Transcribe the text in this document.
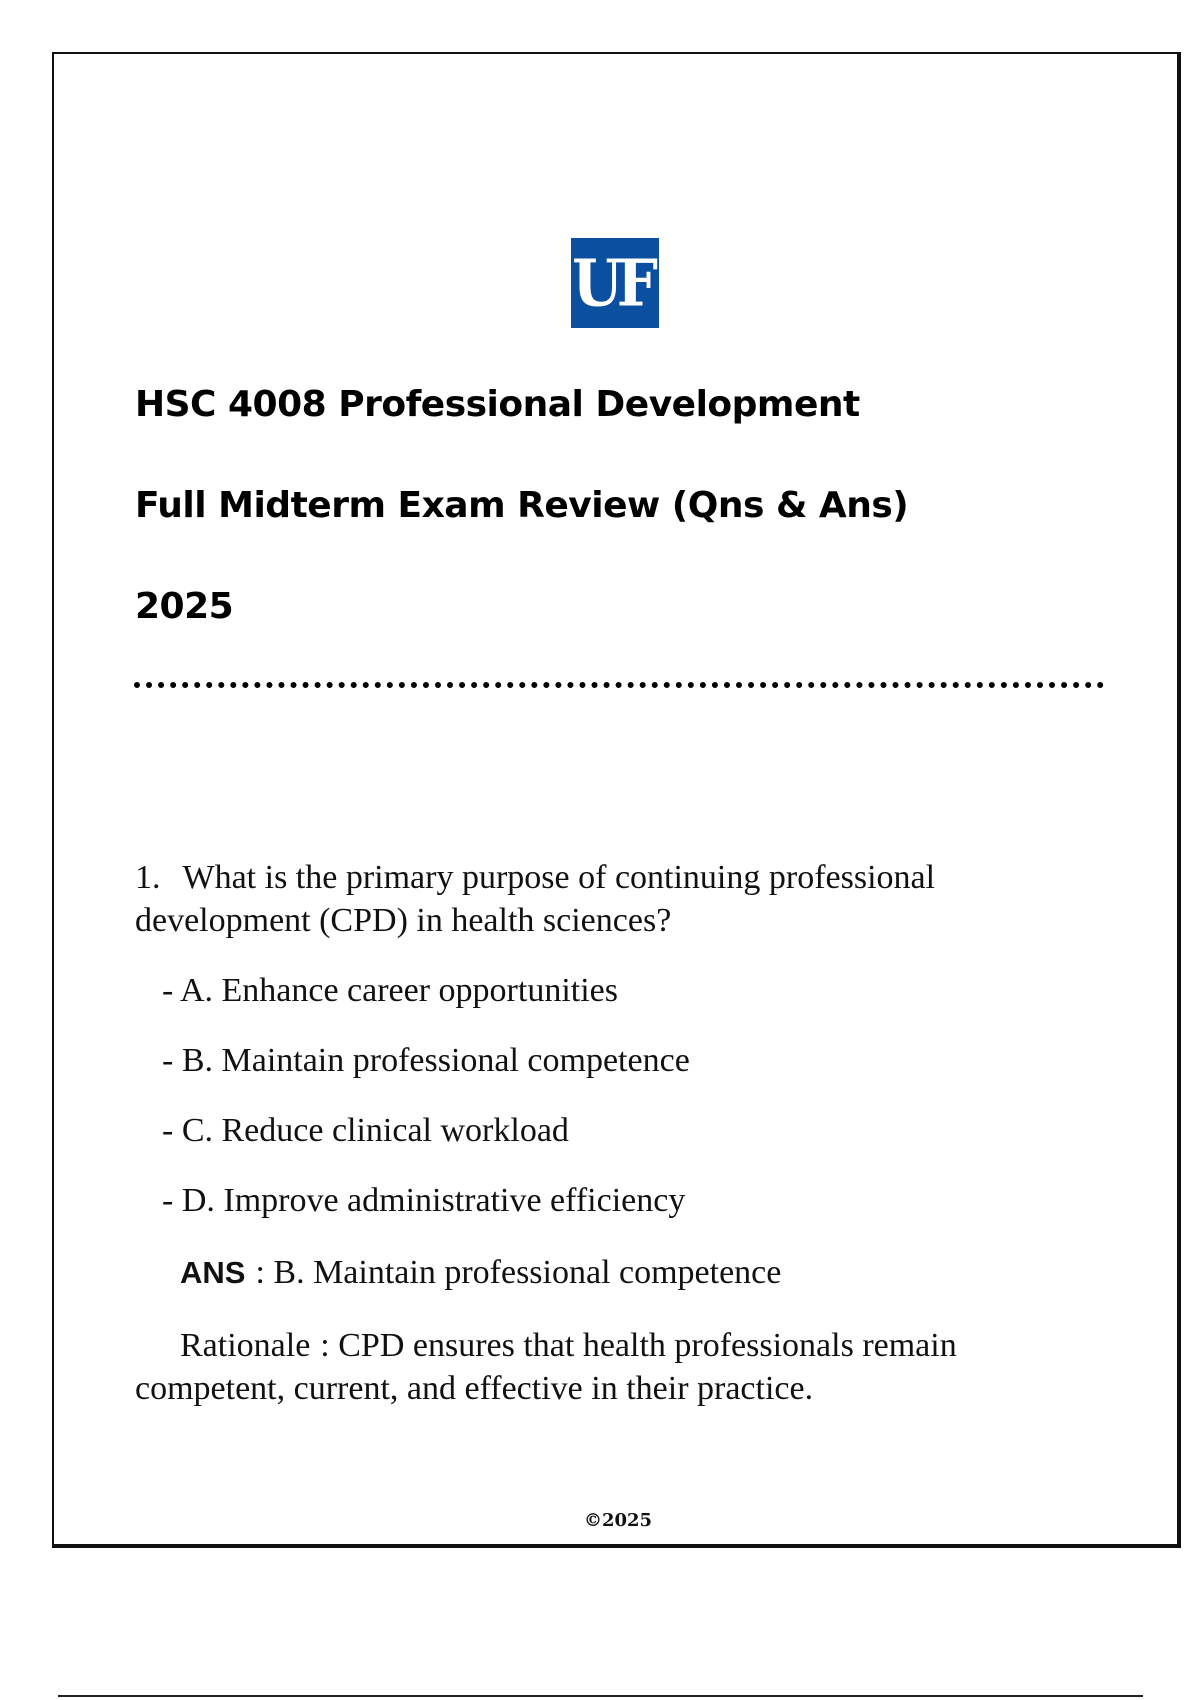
UF
HSC 4008 Professional Development
Full Midterm Exam Review (Qns & Ans)
2025
1. What is the primary purpose of continuing professional development (CPD) in health sciences?
- A. Enhance career opportunities
- B. Maintain professional competence
- C. Reduce clinical workload
- D. Improve administrative efficiency
ANS : B. Maintain professional competence
Rationale : CPD ensures that health professionals remain competent, current, and effective in their practice.
©2025
